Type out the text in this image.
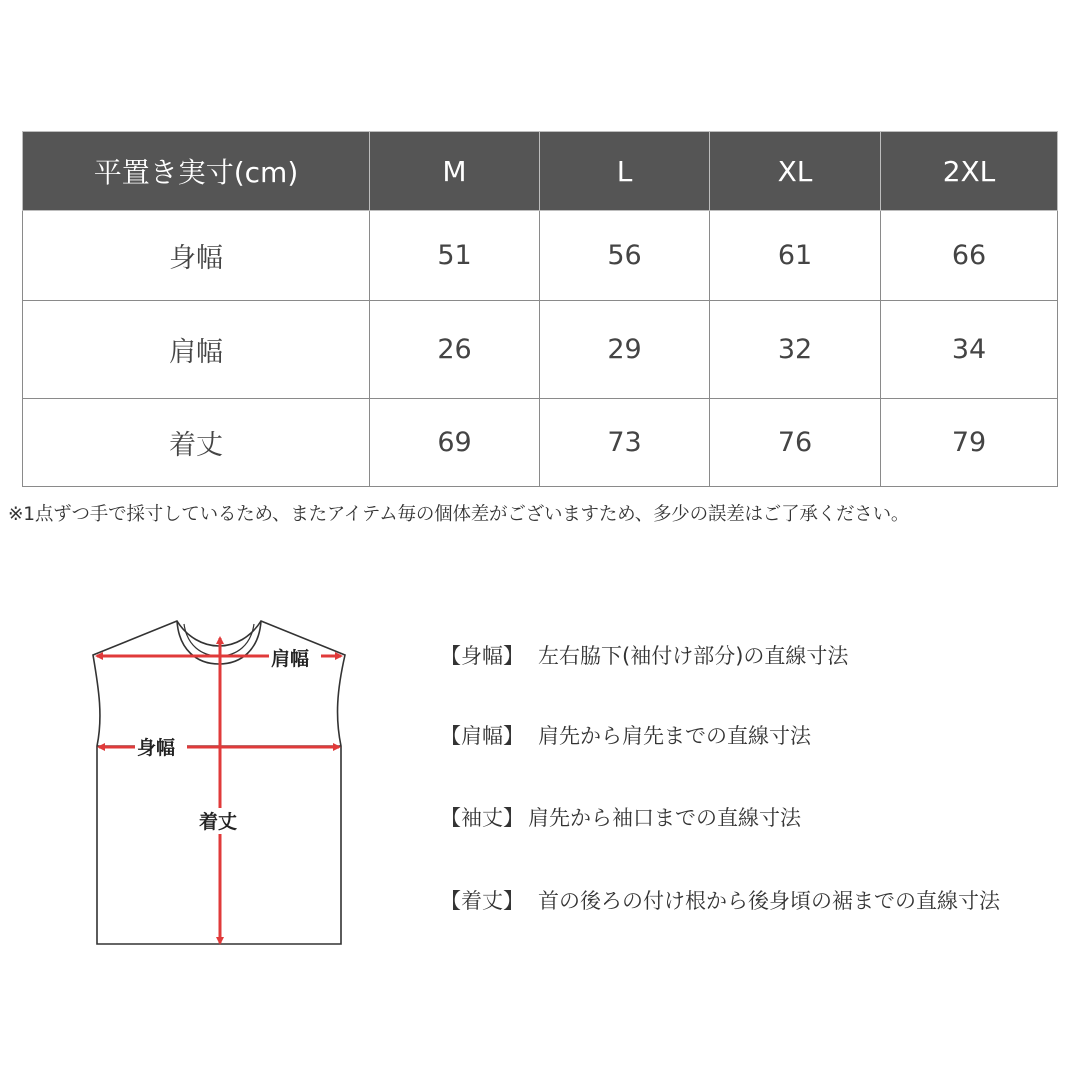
平置き実寸(cm)	M	L	XL	2XL
身幅	51	56	61	66
肩幅	26	29	32	34
着丈	69	73	76	79
※1点ずつ手で採寸しているため、またアイテム毎の個体差がございますため、多少の誤差はご了承ください。
肩幅
身幅
着丈
【身幅】 左右脇下(袖付け部分)の直線寸法
【肩幅】 肩先から肩先までの直線寸法
【袖丈】 肩先から袖口までの直線寸法
【着丈】 首の後ろの付け根から後身頃の裾までの直線寸法
